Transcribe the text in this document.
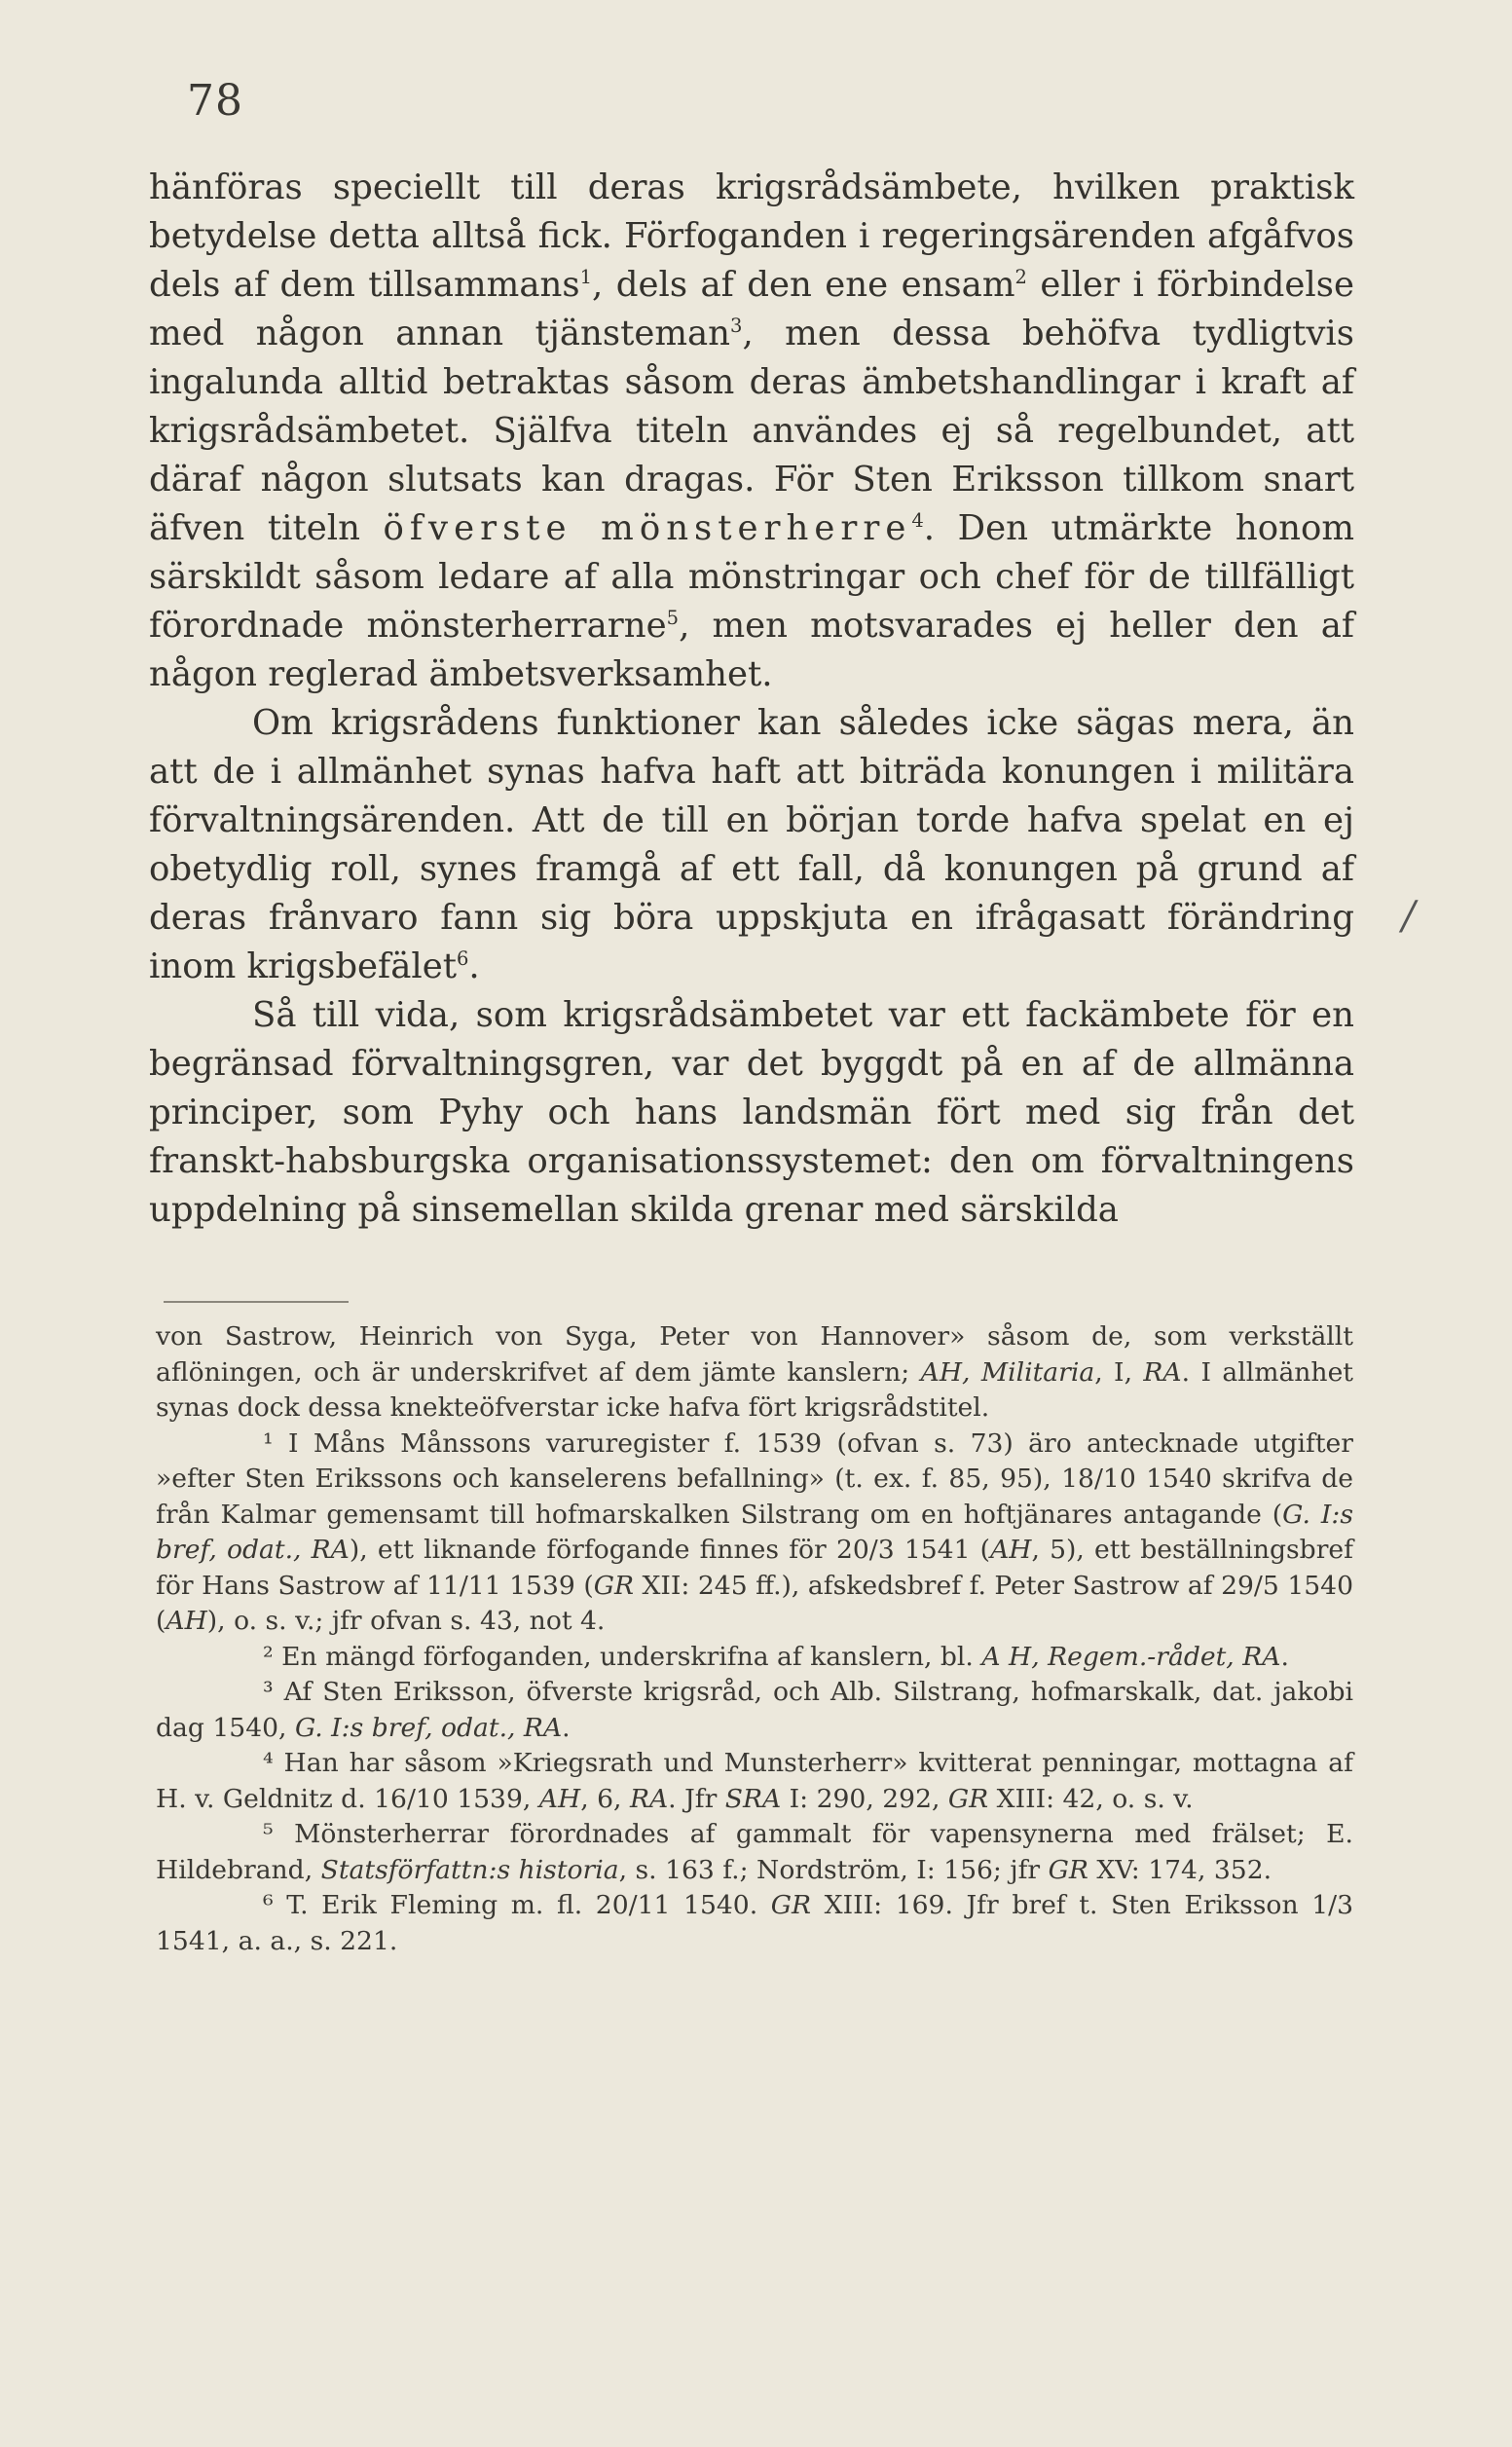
78
/

hänföras speciellt till deras krigsrådsämbete, hvilken praktisk betydelse detta alltså fick. Förfoganden i regeringsärenden afgåfvos dels af dem tillsammans$^1$, dels af den ene ensam$^2$ eller i förbindelse med någon annan tjänsteman$^3$, men dessa behöfva tydligtvis ingalunda alltid betraktas såsom deras ämbetshandlingar i kraft af krigsrådsämbetet. Själfva titeln användes ej så regelbundet, att däraf någon slutsats kan dragas. För Sten Eriksson tillkom snart äfven titeln öfverste mönsterherre$^4$. Den utmärkte honom särskildt såsom ledare af alla mönstringar och chef för de tillfälligt förordnade mönsterherrarne$^5$, men motsvarades ej heller den af någon reglerad ämbetsverksamhet.

Om krigsrådens funktioner kan således icke sägas mera, än att de i allmänhet synas hafva haft att biträda konungen i militära förvaltningsärenden. Att de till en början torde hafva spelat en ej obetydlig roll, synes framgå af ett fall, då konungen på grund af deras frånvaro fann sig böra uppskjuta en ifrågasatt förändring inom krigsbefälet$^6$.

Så till vida, som krigsrådsämbetet var ett fackämbete för en begränsad förvaltningsgren, var det byggdt på en af de allmänna principer, som Pyhy och hans landsmän fört med sig från det franskt-habsburgska organisationssystemet: den om förvaltningens uppdelning på sinsemellan skilda grenar med särskilda

von Sastrow, Heinrich von Syga, Peter von Hannover» såsom de, som verkställt aflöningen, och är underskrifvet af dem jämte kanslern; AH, Militaria, I, RA. I allmänhet synas dock dessa knekteöfverstar icke hafva fört krigsrådstitel.

¹ I Måns Månssons varuregister f. 1539 (ofvan s. 73) äro antecknade utgifter »efter Sten Erikssons och kanselerens befallning» (t. ex. f. 85, 95), 18/10 1540 skrifva de från Kalmar gemensamt till hofmarskalken Silstrang om en hoftjänares antagande (G. I:s bref, odat., RA), ett liknande förfogande finnes för 20/3 1541 (AH, 5), ett beställningsbref för Hans Sastrow af 11/11 1539 (GR XII: 245 ff.), afskedsbref f. Peter Sastrow af 29/5 1540 (AH), o. s. v.; jfr ofvan s. 43, not 4.

² En mängd förfoganden, underskrifna af kanslern, bl. A H, Regem.-rådet, RA.

³ Af Sten Eriksson, öfverste krigsråd, och Alb. Silstrang, hofmarskalk, dat. jakobi dag 1540, G. I:s bref, odat., RA.

⁴ Han har såsom »Kriegsrath und Munsterherr» kvitterat penningar, mottagna af H. v. Geldnitz d. 16/10 1539, AH, 6, RA. Jfr SRA I: 290, 292, GR XIII: 42, o. s. v.

⁵ Mönsterherrar förordnades af gammalt för vapensynerna med frälset; E. Hildebrand, Statsförfattn:s historia, s. 163 f.; Nordström, I: 156; jfr GR XV: 174, 352.

⁶ T. Erik Fleming m. fl. 20/11 1540. GR XIII: 169. Jfr bref t. Sten Eriksson 1/3 1541, a. a., s. 221.
